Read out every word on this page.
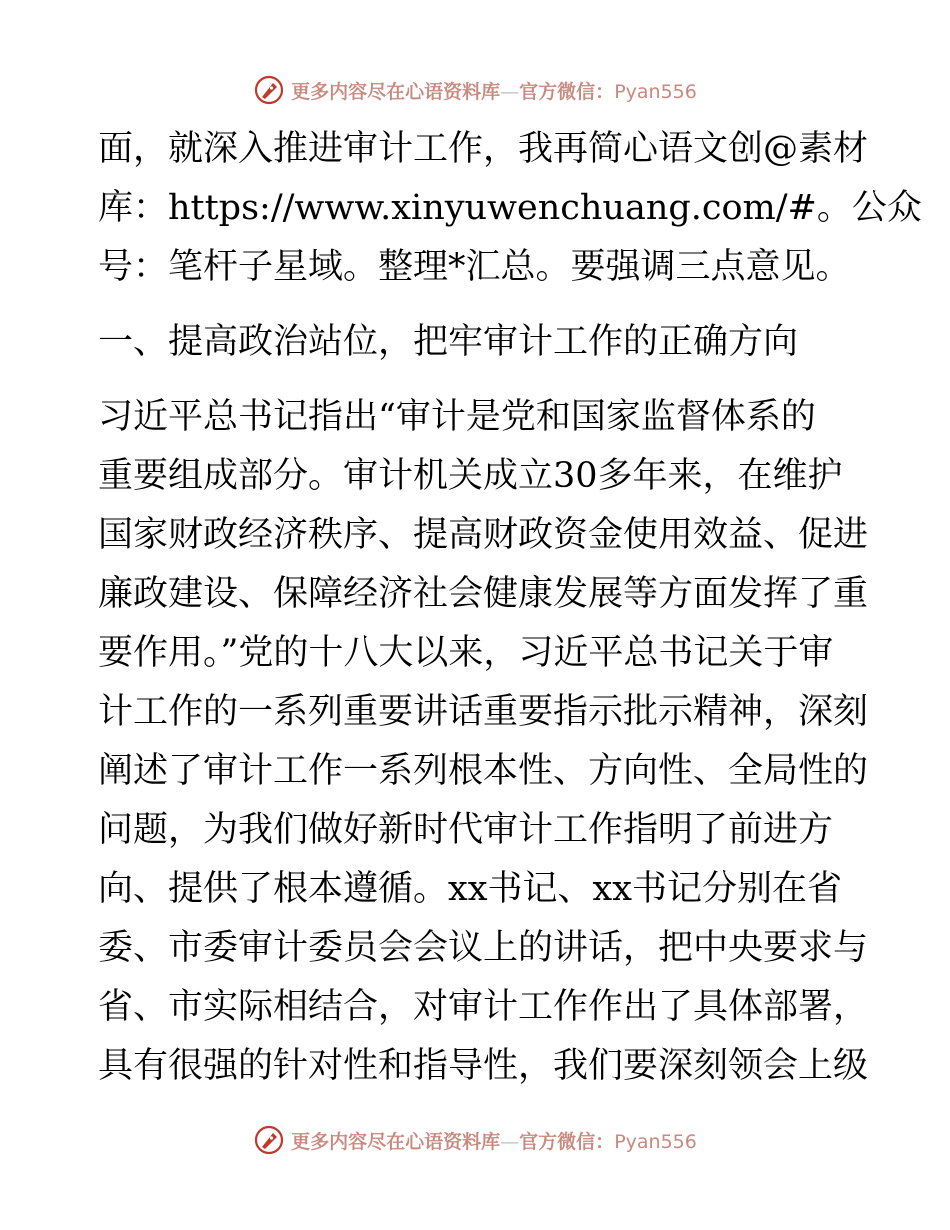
更多内容尽在心语资料库—官方微信：Pyan556
面，就深入推进审计工作，我再简心语文创@素材
库：https://www.xinyuwenchuang.com/#。公众
号：笔杆子星域。整理*汇总。要强调三点意见。
一、提高政治站位，把牢审计工作的正确方向
习近平总书记指出“审计是党和国家监督体系的
重要组成部分。审计机关成立30多年来，在维护
国家财政经济秩序、提高财政资金使用效益、促进
廉政建设、保障经济社会健康发展等方面发挥了重
要作用。”党的十八大以来，习近平总书记关于审
计工作的一系列重要讲话重要指示批示精神，深刻
阐述了审计工作一系列根本性、方向性、全局性的
问题，为我们做好新时代审计工作指明了前进方
向、提供了根本遵循。xx书记、xx书记分别在省
委、市委审计委员会会议上的讲话，把中央要求与
省、市实际相结合，对审计工作作出了具体部署，
具有很强的针对性和指导性，我们要深刻领会上级
更多内容尽在心语资料库—官方微信：Pyan556
